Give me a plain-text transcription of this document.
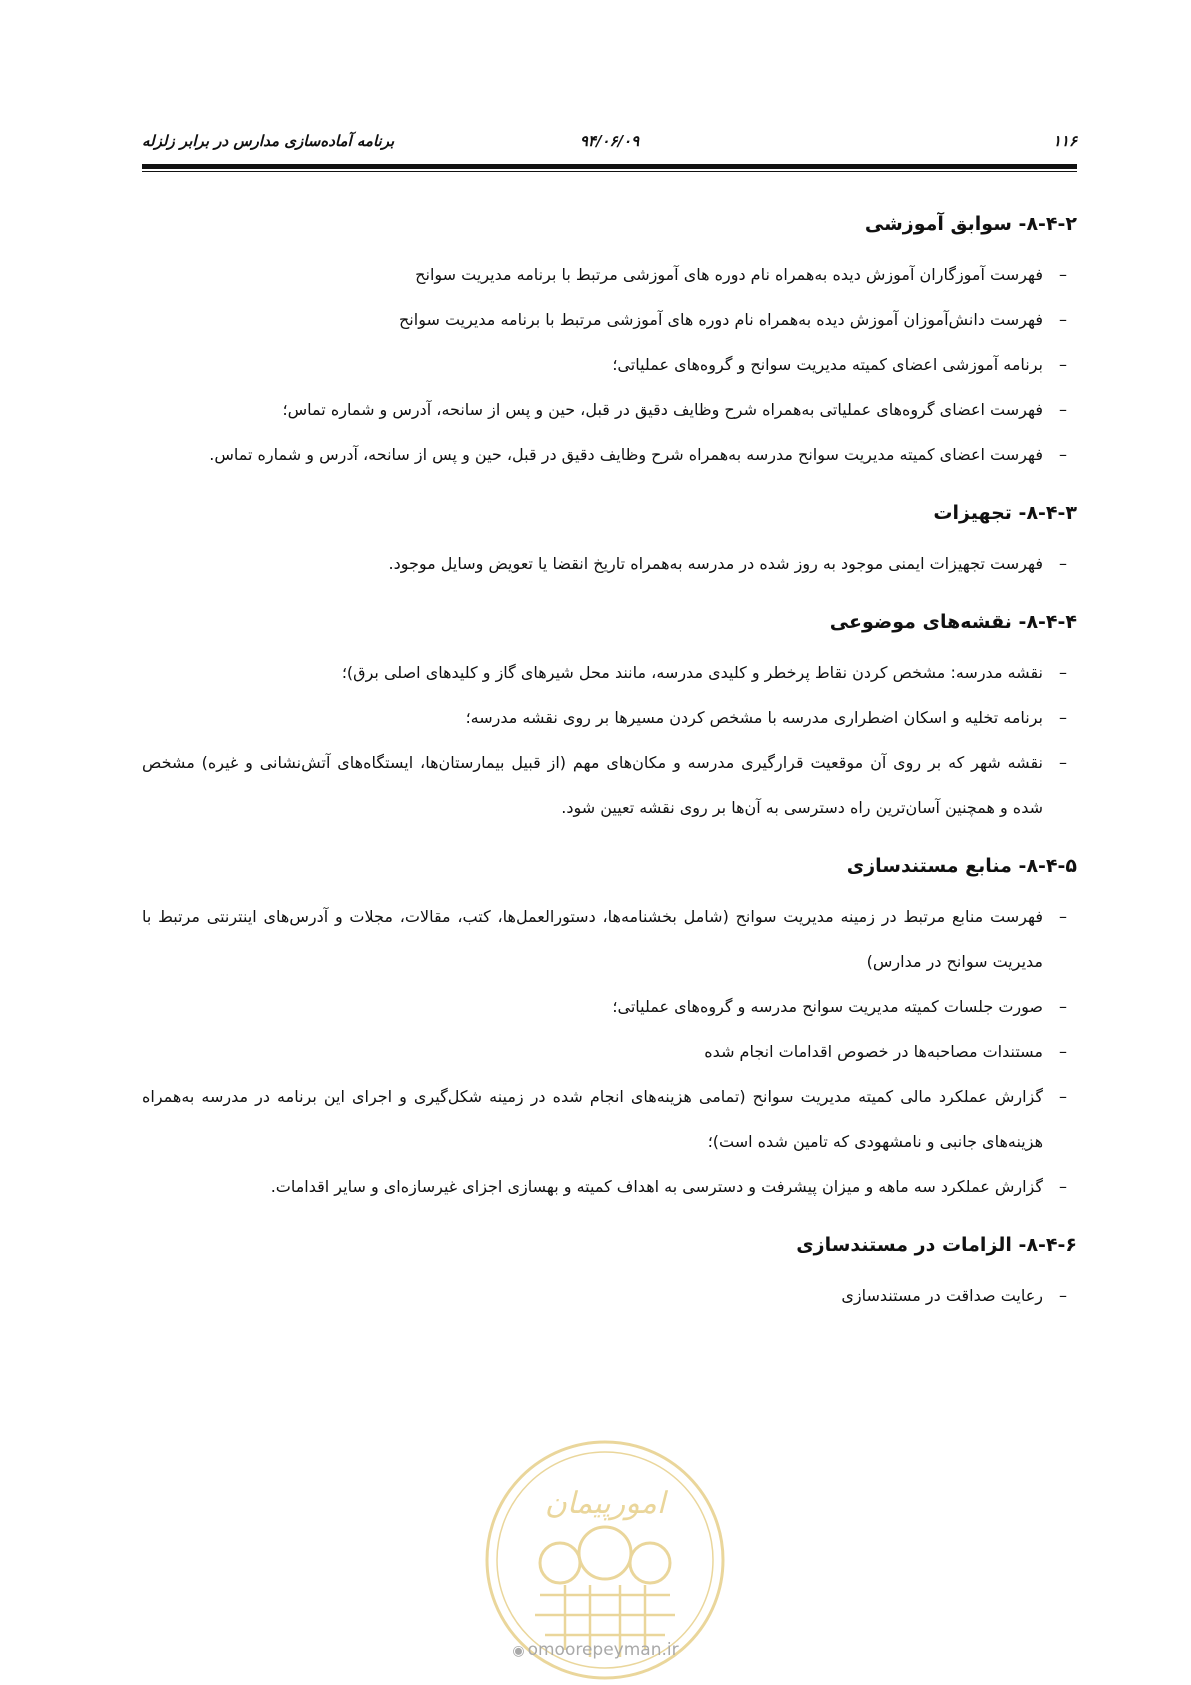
۱۱۶
۹۴/۰۶/۰۹
برنامه آماده‌سازی مدارس در برابر زلزله
۸-۴-۲- سوابق آموزشی
–
فهرست آموزگاران آموزش دیده به‌همراه نام دوره های آموزشی مرتبط با برنامه مدیریت سوانح
–
فهرست دانش‌آموزان آموزش دیده به‌همراه نام دوره های آموزشی مرتبط با برنامه مدیریت سوانح
–
برنامه آموزشی اعضای کمیته مدیریت سوانح و گروه‌های عملیاتی؛
–
فهرست اعضای گروه‌های عملیاتی به‌همراه شرح وظایف دقیق در قبل، حین و پس از سانحه، آدرس و شماره تماس؛
–
فهرست اعضای کمیته مدیریت سوانح مدرسه به‌همراه شرح وظایف دقیق در قبل، حین و پس از سانحه، آدرس و شماره تماس.
۸-۴-۳- تجهیزات
–
فهرست تجهیزات ایمنی موجود به روز شده در مدرسه به‌همراه تاریخ انقضا یا تعویض وسایل موجود.
۸-۴-۴- نقشه‌های موضوعی
–
نقشه مدرسه: مشخص کردن نقاط پرخطر و کلیدی مدرسه، مانند محل شیرهای گاز و کلیدهای اصلی برق)؛
–
برنامه تخلیه و اسکان اضطراری مدرسه با مشخص کردن مسیرها بر روی نقشه مدرسه؛
–
نقشه شهر که بر روی آن موقعیت قرارگیری مدرسه و مکان‌های مهم (از قبیل بیمارستان‌ها، ایستگاه‌های آتش‌نشانی و غیره) مشخص شده و همچنین آسان‌ترین راه دسترسی به آن‌ها بر روی نقشه تعیین شود.
۸-۴-۵- منابع مستندسازی
–
فهرست منابع مرتبط در زمینه مدیریت سوانح (شامل بخشنامه‌ها، دستورالعمل‌ها، کتب، مقالات، مجلات و آدرس‌های اینترنتی مرتبط با مدیریت سوانح در مدارس)
–
صورت جلسات کمیته مدیریت سوانح مدرسه و گروه‌های عملیاتی؛
–
مستندات مصاحبه‌ها در خصوص اقدامات انجام شده
–
گزارش عملکرد مالی کمیته مدیریت سوانح (تمامی هزینه‌های انجام شده در زمینه شکل‌گیری و اجرای این برنامه در مدرسه به‌همراه هزینه‌های جانبی و نامشهودی که تامین شده است)؛
–
گزارش عملکرد سه ماهه و میزان پیشرفت و دسترسی به اهداف کمیته و بهسازی اجزای غیرسازه‌ای و سایر اقدامات.
۸-۴-۶- الزامات در مستندسازی
–
رعایت صداقت در مستندسازی
امورپیمان
◉ omoorepeyman.ir
